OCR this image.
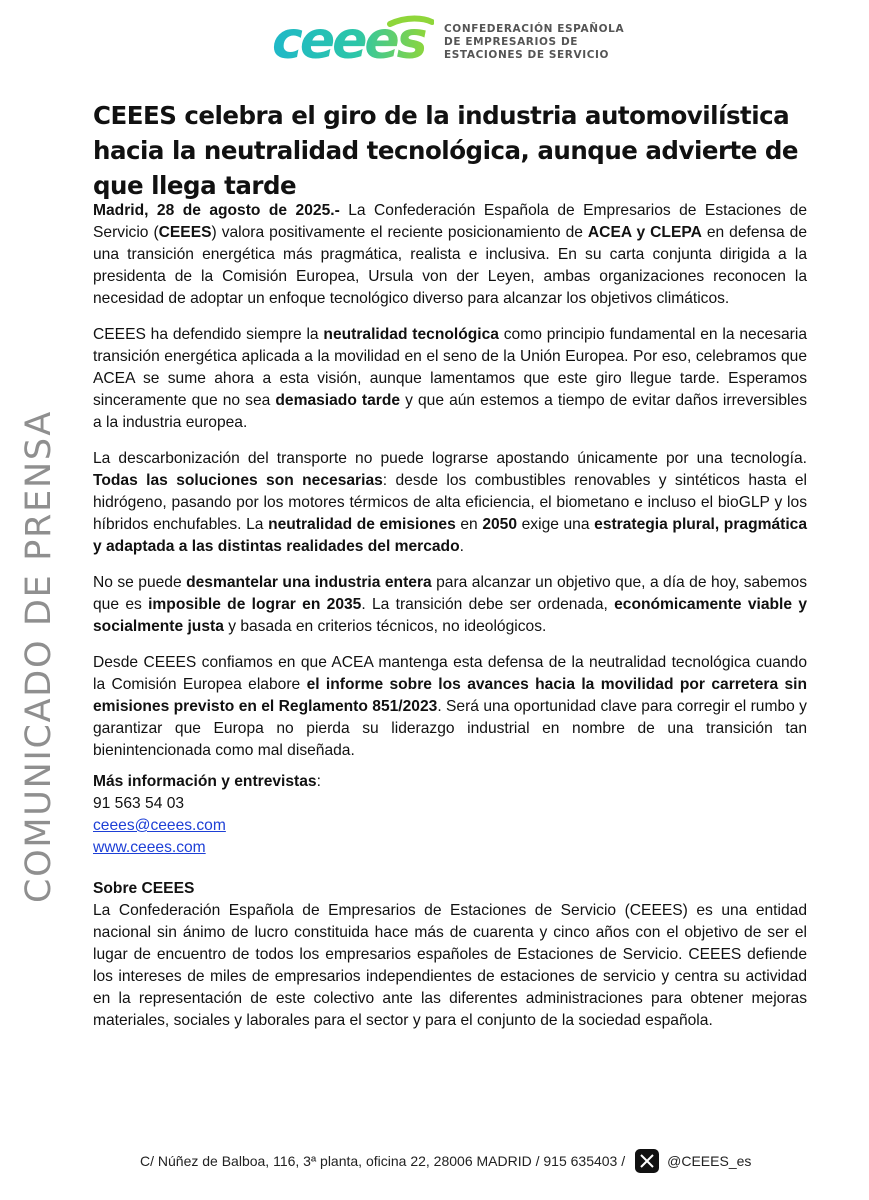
ceees CONFEDERACIÓN ESPAÑOLA
DE EMPRESARIOS DE
ESTACIONES DE SERVICIO
COMUNICADO DE PRENSA
CEEES celebra el giro de la industria automovilística hacia la neutralidad tecnológica, aunque advierte de que llega tarde

Madrid, 28 de agosto de 2025.- La Confederación Española de Empresarios de Estaciones de Servicio (CEEES) valora positivamente el reciente posicionamiento de ACEA y CLEPA en defensa de una transición energética más pragmática, realista e inclusiva. En su carta conjunta dirigida a la presidenta de la Comisión Europea, Ursula von der Leyen, ambas organizaciones reconocen la necesidad de adoptar un enfoque tecnológico diverso para alcanzar los objetivos climáticos.

CEEES ha defendido siempre la neutralidad tecnológica como principio fundamental en la necesaria transición energética aplicada a la movilidad en el seno de la Unión Europea. Por eso, celebramos que ACEA se sume ahora a esta visión, aunque lamentamos que este giro llegue tarde. Esperamos sinceramente que no sea demasiado tarde y que aún estemos a tiempo de evitar daños irreversibles a la industria europea.

La descarbonización del transporte no puede lograrse apostando únicamente por una tecnología. Todas las soluciones son necesarias: desde los combustibles renovables y sintéticos hasta el hidrógeno, pasando por los motores térmicos de alta eficiencia, el biometano e incluso el bioGLP y los híbridos enchufables. La neutralidad de emisiones en 2050 exige una estrategia plural, pragmática y adaptada a las distintas realidades del mercado.

No se puede desmantelar una industria entera para alcanzar un objetivo que, a día de hoy, sabemos que es imposible de lograr en 2035. La transición debe ser ordenada, económicamente viable y socialmente justa y basada en criterios técnicos, no ideológicos.

Desde CEEES confiamos en que ACEA mantenga esta defensa de la neutralidad tecnológica cuando la Comisión Europea elabore el informe sobre los avances hacia la movilidad por carretera sin emisiones previsto en el Reglamento 851/2023. Será una oportunidad clave para corregir el rumbo y garantizar que Europa no pierda su liderazgo industrial en nombre de una transición tan bienintencionada como mal diseñada.

Más información y entrevistas:
91 563 54 03
ceees@ceees.com
www.ceees.com
Sobre CEEES

La Confederación Española de Empresarios de Estaciones de Servicio (CEEES) es una entidad nacional sin ánimo de lucro constituida hace más de cuarenta y cinco años con el objetivo de ser el lugar de encuentro de todos los empresarios españoles de Estaciones de Servicio. CEEES defiende los intereses de miles de empresarios independientes de estaciones de servicio y centra su actividad en la representación de este colectivo ante las diferentes administraciones para obtener mejoras materiales, sociales y laborales para el sector y para el conjunto de la sociedad española.

C/ Núñez de Balboa, 116, 3ª planta, oficina 22, 28006 MADRID / 915 635403 /	@CEEES_es
